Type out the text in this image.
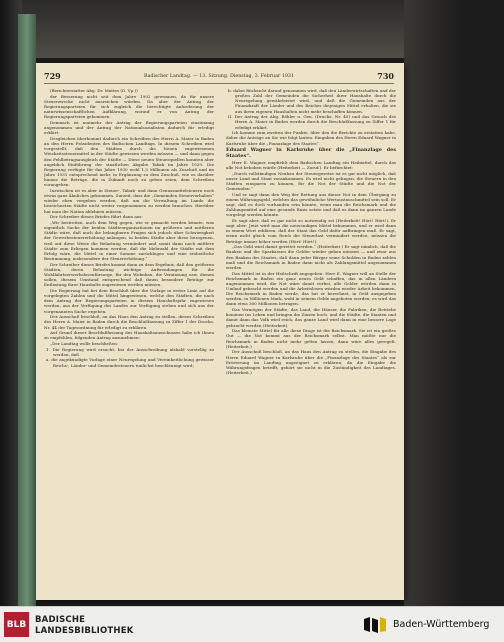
729	Badischer Landtag. — 13. Sitzung. Dienstag, 3. Februar 1931	730

(Berichterstatter Abg. Dr. Mattes (D. Vp.))

der Besserung nicht seit dem Jahre 1902 gewonnen, da für unsere Steuerzwecke nicht ausreichen würden. Da aber der Antrag der Regierungsparteien für sich zugleich die berechtigte Anforderung der naturwissenschaftlichen Aufklärung, worauf er von Antrag der Regierungsparteien gekommen.

Demnach ist nunmehr der Antrag der Regierungsparteien einstimmig angenommen und der Antrag der Nationalsozialisten dadurch für erledigt erklärt.

Desgleichen überkommt dadurch ein Schreiben des Herrn A. Maier in Baden an den Herrn Präsidenten des Badischen Landtags. In diesem Schreiben wird vorgestellt, daß den Städten durch die Neuen zugewiesenen Weisheitssteuermittel in der Städte gewiesen werden müssen — und dann gegen den Fehlbetragsausgleich der Städte — Diese neuen Steuerquellen konnten aber angeblich Einführung der staatlichen Abgabe Tabak im Jahre 1929. Die Regierung verfügte für das Jahre 1930 wohl 1,5 Millionen als Zuschuß und im Jahre 1931 entsprechend mehr, in Ergänzung zu dem Zuschuß, wie es darüber hinaus die Beträge, die in Zukunft noch zu geben seien, dem Schreiben vorangehen.

Inzwischen ist es aber in Steuer-, Tabak- und dann Genussmittelsteuern noch etwas ganz Ähnliches gekommen. Zurzeit, dass die „Gemeinden Steuervorhaben“ wieder eben vergeben werden, daß um die Verwaltung im Lande die bezeichneten Städte nicht weiter vorgenommen zu werden brauchen. Hierüber hat man die Nation ablehnen müssen.

Der Schreiber dieses Briefes führt dann aus:

„Wir bestreiten, auch dem Weg gegen, wie er gemacht werden könnte, was eigentlich Sache der beiden Städteorganisationen im größeren und mittleren Städte wäre, daß auch die belangbaren Fragen sich jedoch über Schwierigkeit der Gewerbesteuererhöhung anlangen, in beiden Städte aber diese bezogenen, weil auf diese Weise die Belastung vermindert und somit dann noch mittlere Städte zum Erliegen kommen werden, daß die Mehrzahl der Städte mit dem Erfolg wäre, die Mittel in einer Summe zurücklegen und eine einheitliche Bestimmung, insbesondere der Steuererhöhung.“

Der Schreiber dieses Briefes kommt dann zu dem Ergebnis, daß den größeren Städten, deren Belastung wichtige Aufwendungen für die Wohlfahrtserwerbslosenfürsorge, für den Wohnbau, die Verzinsung usw. dienen sollen, diesem Umstand entsprechend daß ihnen besondere Beträge zur Entlastung ihrer Haushalte zugewiesen werden müssen.

Die Regierung hat bei dem Beschluß über die Vorlage in erster Linie auf die vorgelegten Zahlen und die Mittel hingewiesen, welche den Städten, die nach dem Antrag der Regierungsparteien in diesem Haushaltsjahr zugewiesen werden, aus der Verfügung des Landes zur Verfügung stehen und sich aus der vorgenannten Sache ergeben.

Der Ausschuß beschloß, an das Haus den Antrag zu stellen, dieses Schreiben des Herrn A. Maier in Baden durch die Beschlußfassung zu Ziffer 1 der Drucks. Nr. 44 der Tagesordnung für erledigt zu erklären.

Auf Grund dieser Beschlußfassung des Haushaltsausschusses habe ich Ihnen zu empfehlen, folgenden Antrag anzunehmen:

„Der Landtag wolle beschließen:

1. Die Regierung wird ersucht, bei der Ausschreibung alsbald vorstellig zu werden, daß

a. die angekündigte Vorlage einer Neuregelung und Vereinheitlichung gewisser Reichs-, Länder- und Gemeindesteuern tunlichst beschleunigt wird;

b. dabei Rücksicht darauf genommen wird, daß den Länderwirtschaften und der großen Zahl der Gemeinden die Sicherheit ihrer Haushalte durch die Neuregelung gewährleistet wird, und daß die Gemeinden aus der Finanzkraft der Länder und des Reiches diejenigen Mittel erhalten, die sie aus ihren eigenen Haushalten nicht mehr beschaffen können.

II. Der Antrag der Abg. Röhler u. Gen. (Drucks. Nr. 45) und das Gesuch des Herrn A. Maier in Baden werden durch die Beschlußfassung zu Ziffer 1 für erledigt erklärt.

Ich komme zum zweiten der Punkte, über den die Berichte zu erstatten habe, daher die Anträge an Sie wie folgt lauten: Eingaben des Herrn Eduard Wagner in Karlsruhe über die „Finanzlage des Staates“.

Eduard Wagner in Karlsruhe über die „Finanzlage des Staates“.

Herr E. Wagner empfiehlt dem Badischen Landtag ein Heilmittel, durch das alle Not behoben würde (Heiterkeit — Zuruf.). Er befürchtet:

„Durch vollständigen Neubau der Steuergesetze ist es gar nicht möglich, daß unser Land und Staat vorankommen. Es wird nicht gelingen, die Steuern in den Städten einsparen zu können, für die Not der Städte und die Not der Gemeinden.“

Und er sagt dann den Weg der Rettung aus dieser Not in dem Übergang zu einem Währungsgeld, welches das gewöhnliche Wertaustauschmittel sein soll. Er sagt, daß es doch vorhanden sein könnte, wenn man die Reichsmark und die Zahlungsmittel auf eine gesunde Basis setzte und daß es dann im ganzen Lande vorgelegt werden könnte.

Er sagt aber, daß es gar nicht so notwendig sei (Heiterkeit! Hört! Hört!). Er sagt aber: Jetzt wird man die notwendigen Mittel bekommen, und er wird dann in einem Wort erklären, daß der Staat das Geld dafür aufbringen muß. Er sagt, wenn nicht gleich vom Reich die Steuerlast vermindert werden, müssen die Beträge immer höher werden (Hört! Hört!).

„Das Geld wird damit gerettet werden.“ (Heiterkeit.) Er sagt nämlich, daß die Banken und die Sparkassen die Gelder wieder geben müssen — und zwar aus den Banken des Staates; daß dann jeder Bürger seine Schulden in Baden zahlen muß und die Reichsmark in Baden dann nicht als Zahlungsmittel angenommen werden.

Das Mittel ist in der Heilschrift angegeben: Herr E. Wagner will an Stelle der Reichsmark in Baden ein ganz neues Geld schaffen, das in allen Ländern angenommen wird, die Not wäre damit vorbei, alle Gelder würden dann in Umlauf gebracht werden und die Arbeitslosen würden wieder Arbeit bekommen. Die Reichsmark in Baden werde, das hat er berechnet, in Geld ausgegeben werden, in Millionen Mark, wohl in seinem Gelde angeboten werden; es wird das dann etwa 300 Millionen betragen.

Das Vermögen der Städte, das Land, die Häuser, die Fabriken, die Betriebe kommen ins Leben und bringen die Zinsen hoch, und die Städte, die Staaten und damit dann das Volk wird reich, das ganze Land wird dann in eine bessere Lage gebracht werden (Heiterkeit).

Das kleinste Mittel für alle diese Dinge ist die Reichsmark. Sie ist ein großes Gut — die Not kommt aus der Reichsmark selbst. Man müßte nur die Reichsmark in Baden nicht mehr gelten lassen, dann wäre alles geregelt. (Heiterkeit.)

Der Ausschuß beschloß, an das Haus den Antrag zu stellen, die Eingabe des Herrn Eduard Wagner in Karlsruhe über die „Finanzlage des Staates“ als zur Erörterung im Landtag ungeeignet zu erklären; da die Eingabe die Währungsfragen betrifft, gehört sie nicht in die Zuständigkeit des Landtages. (Heiterkeit.)

BLB BADISCHE
LANDESBIBLIOTHEK
Baden-Württemberg
